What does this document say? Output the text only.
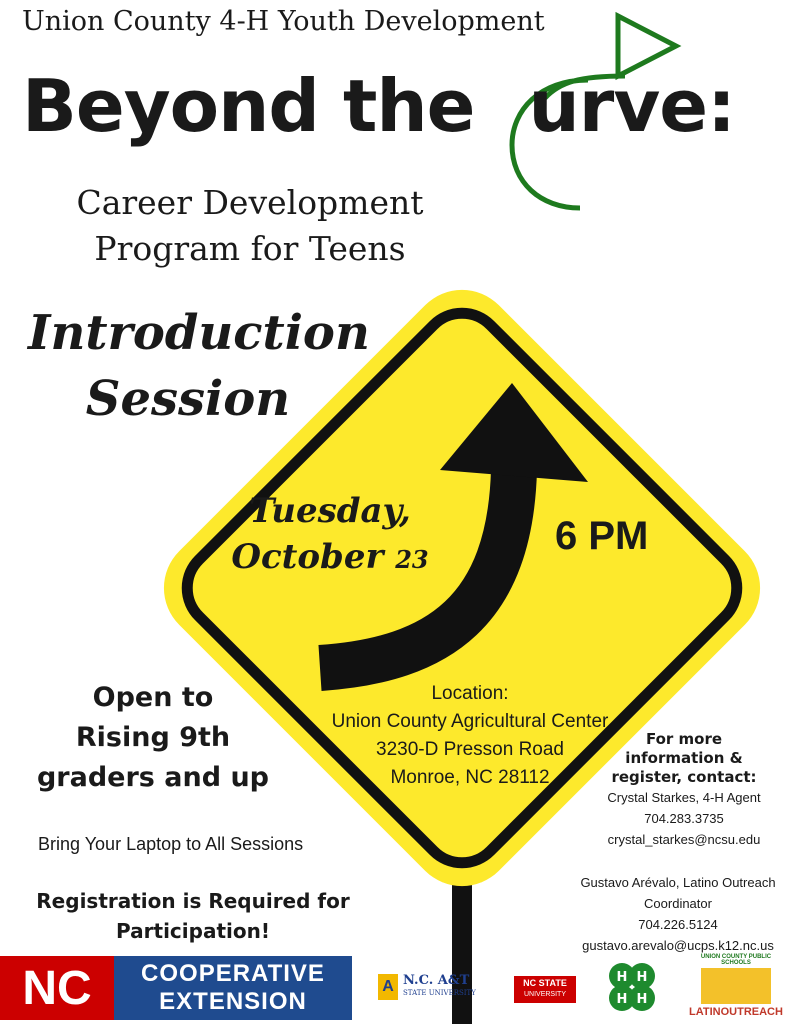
Union County 4-H Youth Development
Beyond the urve:
Career Development
Program for Teens
Introduction
Session
Tuesday,
October 23
6 PM
Location:
Union County Agricultural Center
3230-D Presson Road
Monroe, NC 28112
Open to
Rising 9th
graders and up
Bring Your Laptop to All Sessions
Registration is Required for
Participation!
For more
information &
register, contact:
Crystal Starkes, 4-H Agent
704.283.3735
crystal_starkes@ncsu.edu
Gustavo Arévalo, Latino Outreach
Coordinator
704.226.5124
gustavo.arevalo@ucps.k12.nc.us
NC	COOPERATIVE
EXTENSION
A N.C. A&T
STATE UNIVERSITY
NC STATE
UNIVERSITY
H H
H H
UNION COUNTY PUBLIC SCHOOLS
LATINOUTREACH
